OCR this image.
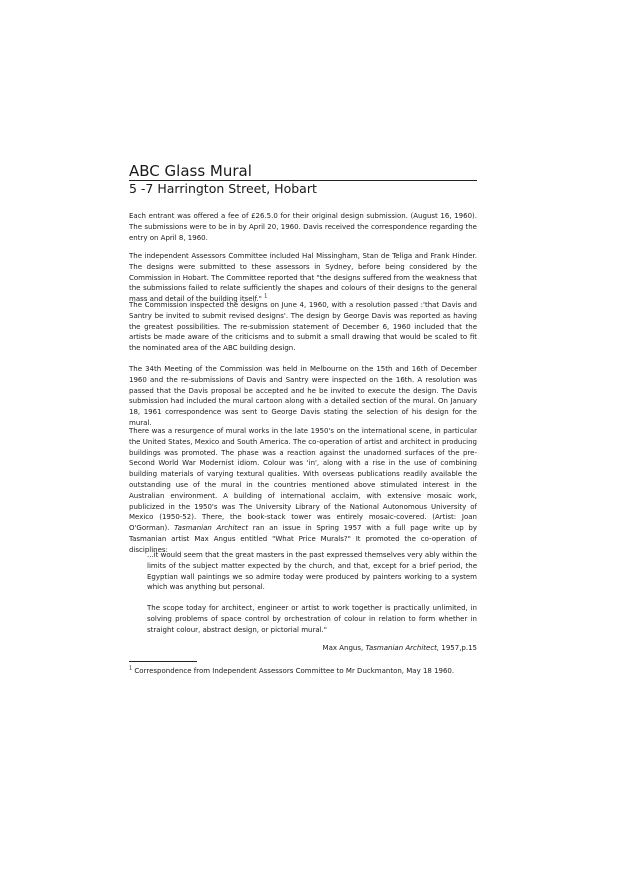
ABC Glass Mural
5 -7 Harrington Street, Hobart

Each entrant was offered a fee of £26.5.0 for their original design submission. (August 16, 1960). The submissions were to be in by April 20, 1960. Davis received the correspondence regarding the entry on April 8, 1960.

The independent Assessors Committee included Hal Missingham, Stan de Teliga and Frank Hinder. The designs were submitted to these assessors in Sydney, before being considered by the Commission in Hobart. The Committee reported that "the designs suffered from the weakness that the submissions failed to relate sufficiently the shapes and colours of their designs to the general mass and detail of the building itself." $^1$

The Commission inspected the designs on June 4, 1960, with a resolution passed :'that Davis and Santry be invited to submit revised designs'. The design by George Davis was reported as having the greatest possibilities. The re-submission statement of December 6, 1960 included that the artists be made aware of the criticisms and to submit a small drawing that would be scaled to fit the nominated area of the ABC building design.

The 34th Meeting of the Commission was held in Melbourne on the 15th and 16th of December 1960 and the re-submissions of Davis and Santry were inspected on the 16th. A resolution was passed that the Davis proposal be accepted and he be invited to execute the design. The Davis submission had included the mural cartoon along with a detailed section of the mural. On January 18, 1961 correspondence was sent to George Davis stating the selection of his design for the mural.

There was a resurgence of mural works in the late 1950's on the international scene, in particular the United States, Mexico and South America. The co-operation of artist and architect in producing buildings was promoted. The phase was a reaction against the unadorned surfaces of the pre-Second World War Modernist idiom. Colour was 'in', along with a rise in the use of combining building materials of varying textural qualities. With overseas publications readily available the outstanding use of the mural in the countries mentioned above stimulated interest in the Australian environment. A building of international acclaim, with extensive mosaic work, publicized in the 1950's was The University Library of the National Autonomous University of Mexico (1950-52). There, the book-stack tower was entirely mosaic-covered. (Artist: Joan O'Gorman). Tasmanian Architect ran an issue in Spring 1957 with a full page write up by Tasmanian artist Max Angus entitled "What Price Murals?" It promoted the co-operation of disciplines:

...it would seem that the great masters in the past expressed themselves very ably within the limits of the subject matter expected by the church, and that, except for a brief period, the Egyptian wall paintings we so admire today were produced by painters working to a system which was anything but personal.

The scope today for architect, engineer or artist to work together is practically unlimited, in solving problems of space control by orchestration of colour in relation to form whether in straight colour, abstract design, or pictorial mural."

Max Angus, Tasmanian Architect, 1957,p.15
$^1$ Correspondence from Independent Assessors Committee to Mr Duckmanton, May 18 1960.
